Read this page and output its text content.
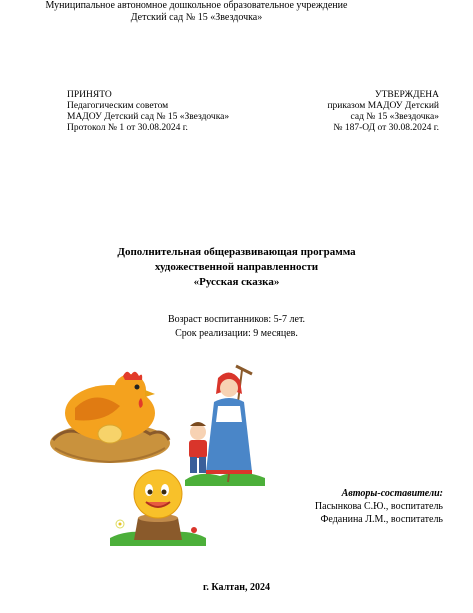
Муниципальное автономное дошкольное образовательное учреждение
Детский сад № 15 «Звездочка»
ПРИНЯТО
Педагогическим советом
МАДОУ Детский сад № 15 «Звездочка»
Протокол № 1 от 30.08.2024 г.
УТВЕРЖДЕНА
приказом МАДОУ Детский
сад № 15 «Звездочка»
№ 187-ОД от 30.08.2024 г.
Дополнительная общеразвивающая программа
художественной направленности
«Русская сказка»
Возраст воспитанников: 5-7 лет.
Срок реализации: 9 месяцев.
Авторы-составители:
Пасынкова С.Ю., воспитатель
Феданина Л.М., воспитатель
г. Калтан, 2024
